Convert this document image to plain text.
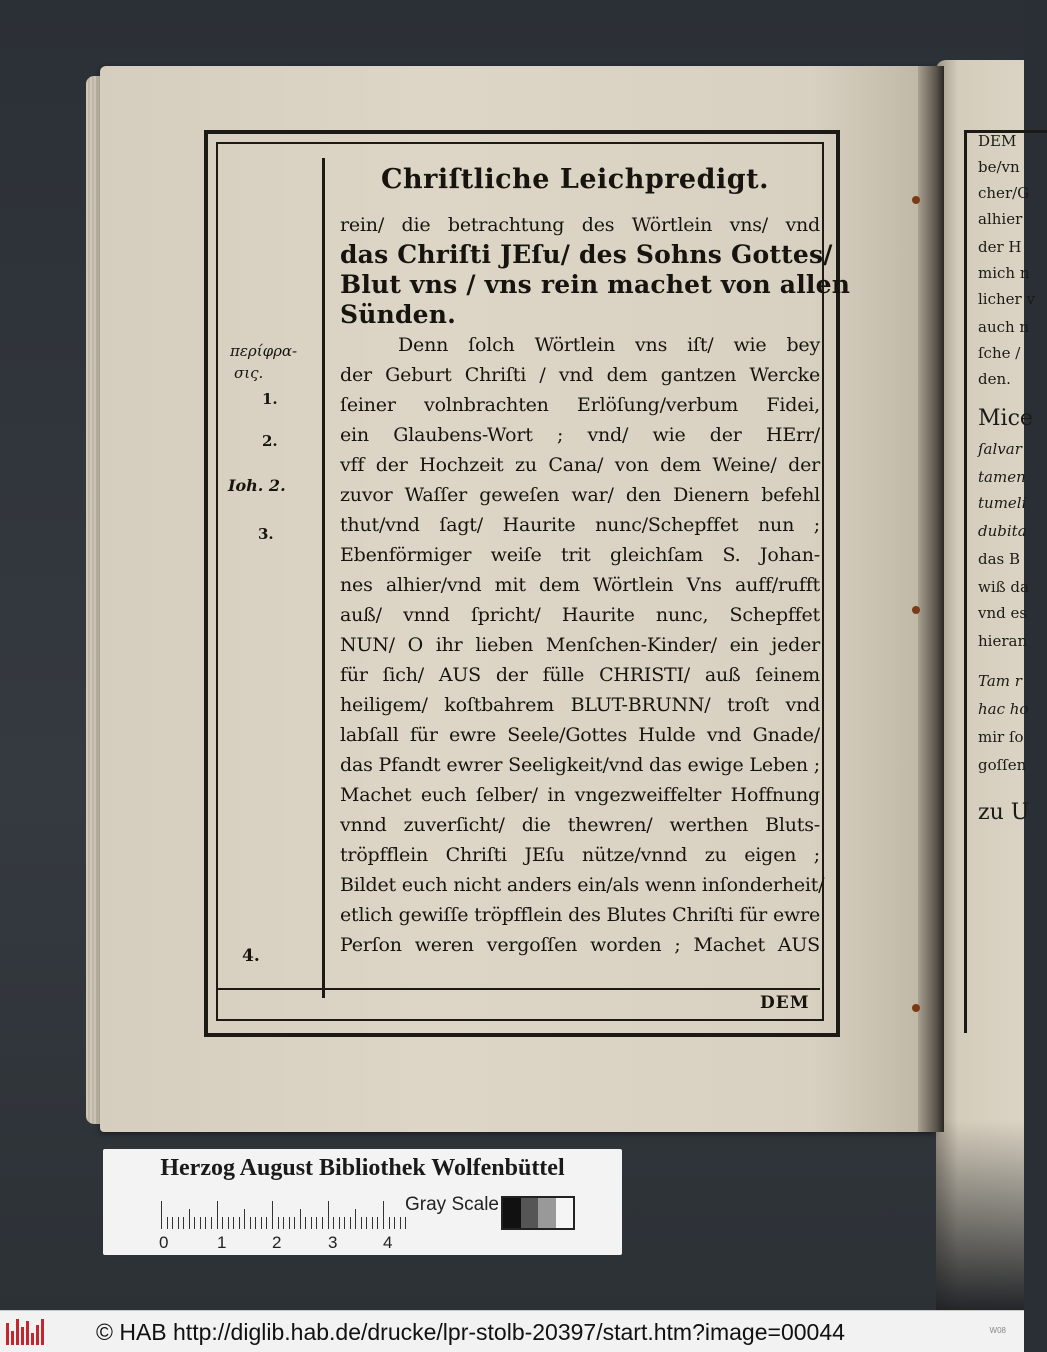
DEM
be/vn
cher/G
alhier
der H
mich n
licher v
auch n
ſche /
den.
Mice
ſalvar
tamen
tumeli
dubita
das B
wiß da
vnd es
hieran
Tam r
hac ho
mir ſo
goſſen
zu U
Chriſtliche Leichpredigt.
rein/ die betrachtung des Wörtlein vns/ vnd
das Chriſti JEſu/ des Sohns Gottes/
Blut vns / vns rein machet von allen
Sünden.
Denn ſolch Wörtlein vns iſt/ wie bey
der Geburt Chriſti / vnd dem gantzen Wercke
ſeiner volnbrachten Erlöſung/verbum Fidei,
ein Glaubens-Wort ; vnd/ wie der HErr/
vff der Hochzeit zu Cana/ von dem Weine/ der
zuvor Waſſer geweſen war/ den Dienern befehl
thut/vnd ſagt/ Haurite nunc/Schepffet nun ;
Ebenförmiger weiſe trit gleichſam S. Johan-
nes alhier/vnd mit dem Wörtlein Vns auff/rufft
auß/ vnnd ſpricht/ Haurite nunc, Schepffet
NUN/ O ihr lieben Menſchen-Kinder/ ein jeder
für ſich/ AUS der fülle CHRISTI/ auß ſeinem
heiligem/ koſtbahrem BLUT-BRUNN/ troſt vnd
labſall für ewre Seele/Gottes Hulde vnd Gnade/
das Pfandt ewrer Seeligkeit/vnd das ewige Leben ;
Machet euch ſelber/ in vngezweiffelter Hoffnung
vnnd zuverſicht/ die thewren/ werthen Bluts-
tröpfflein Chriſti JEſu nütze/vnnd zu eigen ;
Bildet euch nicht anders ein/als wenn inſonderheit/
etlich gewiſſe tröpfflein des Blutes Chriſti für ewre
Perſon weren vergoſſen worden ; Machet AUS
περίφρα-
σις.
1.
2.
Ioh. 2.
3.
4.
DEM
Herzog August Bibliothek Wolfenbüttel
0	1	2	3	4
Gray Scale
© HAB http://diglib.hab.de/drucke/lpr-stolb-20397/start.htm?image=00044	W08
